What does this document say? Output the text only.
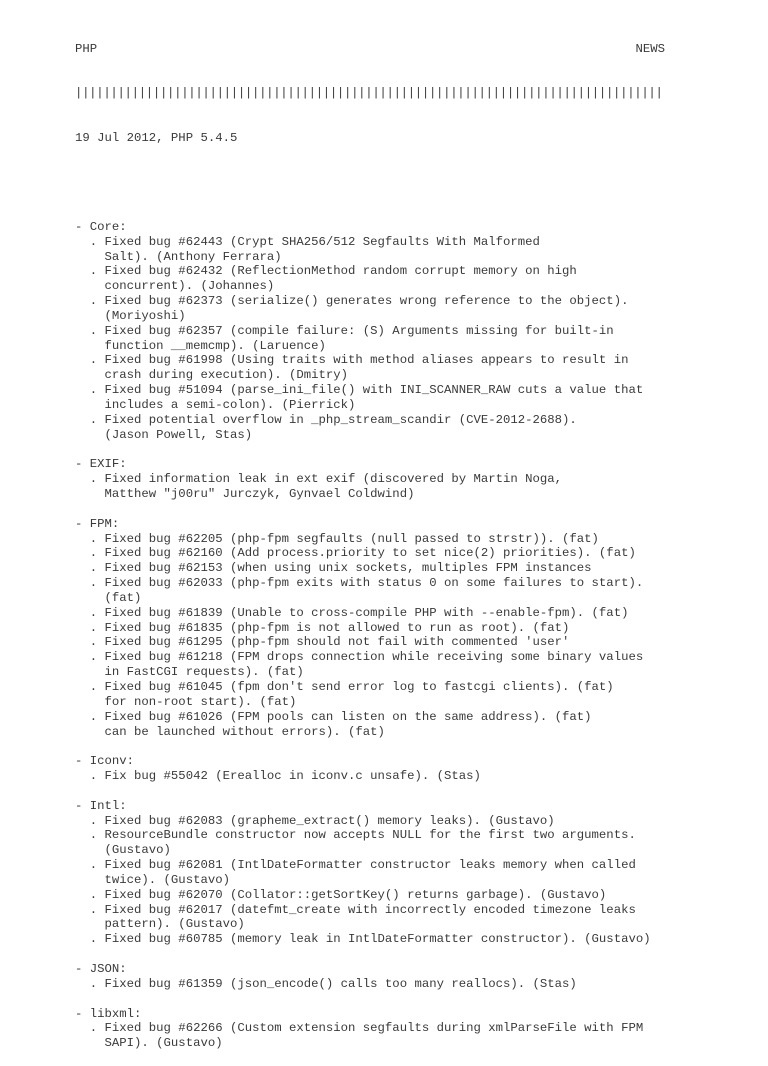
PHP	NEWS

|||||||||||||||||||||||||||||||||||||||||||||||||||||||||||||||||||||||||||||||||||

19 Jul 2012, PHP 5.4.5

- Core:
. Fixed bug #62443 (Crypt SHA256/512 Segfaults With Malformed
Salt). (Anthony Ferrara)
. Fixed bug #62432 (ReflectionMethod random corrupt memory on high
concurrent). (Johannes)
. Fixed bug #62373 (serialize() generates wrong reference to the object).
(Moriyoshi)
. Fixed bug #62357 (compile failure: (S) Arguments missing for built-in
function __memcmp). (Laruence)
. Fixed bug #61998 (Using traits with method aliases appears to result in
crash during execution). (Dmitry)
. Fixed bug #51094 (parse_ini_file() with INI_SCANNER_RAW cuts a value that
includes a semi-colon). (Pierrick)
. Fixed potential overflow in _php_stream_scandir (CVE-2012-2688).
(Jason Powell, Stas)
- EXIF:
. Fixed information leak in ext exif (discovered by Martin Noga,
Matthew "j00ru" Jurczyk, Gynvael Coldwind)
- FPM:
. Fixed bug #62205 (php-fpm segfaults (null passed to strstr)). (fat)
. Fixed bug #62160 (Add process.priority to set nice(2) priorities). (fat)
. Fixed bug #62153 (when using unix sockets, multiples FPM instances
. Fixed bug #62033 (php-fpm exits with status 0 on some failures to start).
(fat)
. Fixed bug #61839 (Unable to cross-compile PHP with --enable-fpm). (fat)
. Fixed bug #61835 (php-fpm is not allowed to run as root). (fat)
. Fixed bug #61295 (php-fpm should not fail with commented 'user'
. Fixed bug #61218 (FPM drops connection while receiving some binary values
in FastCGI requests). (fat)
. Fixed bug #61045 (fpm don't send error log to fastcgi clients). (fat)
for non-root start). (fat)
. Fixed bug #61026 (FPM pools can listen on the same address). (fat)
can be launched without errors). (fat)
- Iconv:
. Fix bug #55042 (Erealloc in iconv.c unsafe). (Stas)
- Intl:
. Fixed bug #62083 (grapheme_extract() memory leaks). (Gustavo)
. ResourceBundle constructor now accepts NULL for the first two arguments.
(Gustavo)
. Fixed bug #62081 (IntlDateFormatter constructor leaks memory when called
twice). (Gustavo)
. Fixed bug #62070 (Collator::getSortKey() returns garbage). (Gustavo)
. Fixed bug #62017 (datefmt_create with incorrectly encoded timezone leaks
pattern). (Gustavo)
. Fixed bug #60785 (memory leak in IntlDateFormatter constructor). (Gustavo)
- JSON:
. Fixed bug #61359 (json_encode() calls too many reallocs). (Stas)
- libxml:
. Fixed bug #62266 (Custom extension segfaults during xmlParseFile with FPM
SAPI). (Gustavo)
